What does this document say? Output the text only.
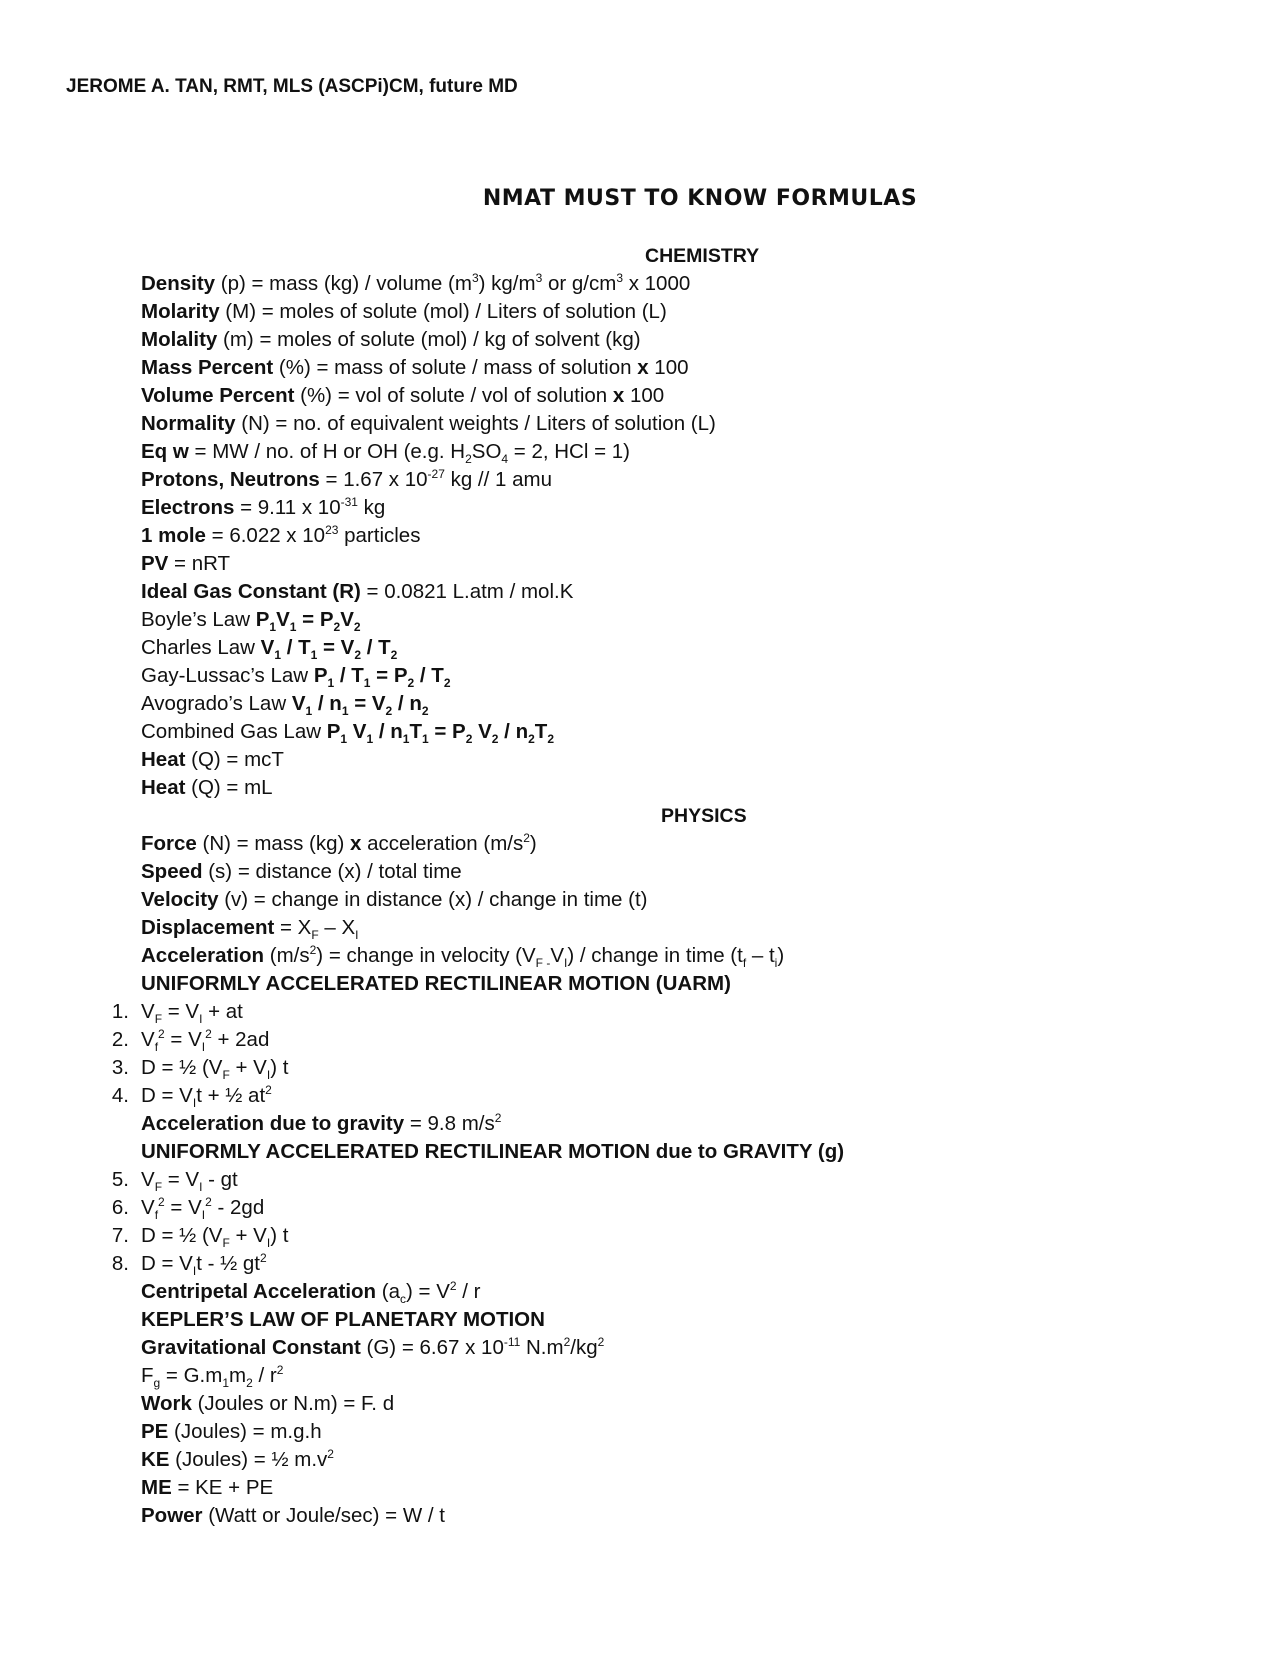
JEROME A. TAN, RMT, MLS (ASCPi)CM, future MD
NMAT MUST TO KNOW FORMULAS
CHEMISTRY
Density (p) = mass (kg) / volume $(m^3)$ $kg/m^3$ or $g/cm^3$ x 1000
Molarity (M) = moles of solute (mol) / Liters of solution (L)
Molality (m) = moles of solute (mol) / kg of solvent (kg)
Mass Percent (%) = mass of solute / mass of solution x 100
Volume Percent (%) = vol of solute / vol of solution x 100
Normality (N) = no. of equivalent weights / Liters of solution (L)
Eq w = MW / no. of H or OH (e.g. $H_2SO_4 = 2$, HCl = 1)
Protons, Neutrons = 1.67 x $10^{-27}$ kg // 1 amu
Electrons = 9.11 x $10^{-31}$ kg
1 mole = 6.022 x $10^{23}$ particles
PV = nRT
Ideal Gas Constant (R) = 0.0821 L.atm / mol.K
Boyle’s Law $P_1V_1 = P_2V_2$
Charles Law $V_1 / T_1 = V_2 / T_2$
Gay-Lussac’s Law $P_1 / T_1 = P_2 / T_2$
Avogrado’s Law $V_1 / n_1 = V_2 / n_2$
Combined Gas Law $P_1$ $V_1 / n_1T_1 = P_2$ $V_2 / n_2T_2$
Heat (Q) = mcT
Heat (Q) = mL
PHYSICS
Force (N) = mass (kg) x acceleration $(m/s^2)$
Speed (s) = distance (x) / total time
Velocity (v) = change in distance (x) / change in time (t)
Displacement = $X_F - X_I$
Acceleration $(m/s^2)$ = change in velocity $(V_{F -}V_I)$ / change in time $(t_f - t_i)$
UNIFORMLY ACCELERATED RECTILINEAR MOTION (UARM)
1. $V_F = V_I$ + at
2. $V_f^2 = V_I^2 + 2ad$
3. D = ½ $(V_F + V_I)$ t
4. $D = V_It$ + ½ $at^2$
Acceleration due to gravity = 9.8 $m/s^2$
UNIFORMLY ACCELERATED RECTILINEAR MOTION due to GRAVITY (g)
5. $V_F = V_I$ - gt
6. $V_f^2 = V_I^2 - 2gd$
7. D = ½ $(V_F + V_I)$ t
8. $D = V_It$ - ½ $gt^2$
Centripetal Acceleration $(a_c) = V^2 / r$
KEPLER’S LAW OF PLANETARY MOTION
Gravitational Constant (G) = 6.67 x $10^{-11}$ $N.m^2/kg^2$
$F_g = G.m_1m_2 / r^2$
Work (Joules or N.m) = F. d
PE (Joules) = m.g.h
KE (Joules) = ½ $m.v^2$
ME = KE + PE
Power (Watt or Joule/sec) = W / t
